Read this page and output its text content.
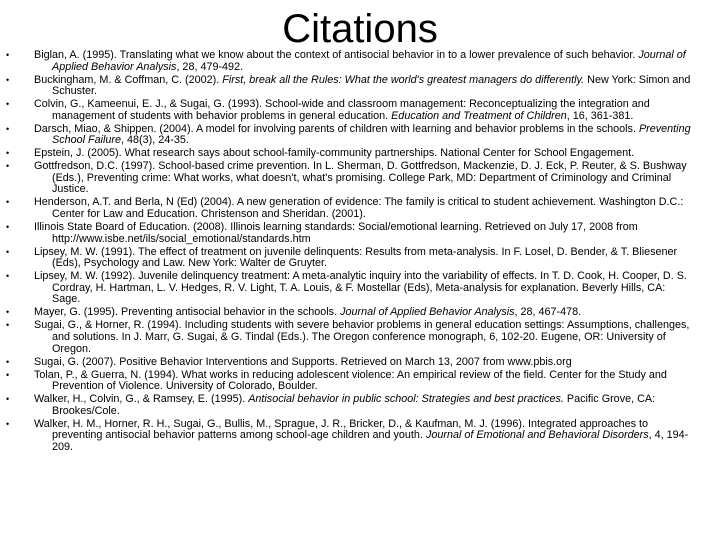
Citations
• Biglan, A. (1995). Translating what we know about the context of antisocial behavior in to a lower prevalence of such behavior. Journal of Applied Behavior Analysis, 28, 479-492.
• Buckingham, M. & Coffman, C. (2002). First, break all the Rules: What the world's greatest managers do differently. New York: Simon and Schuster.
• Colvin, G., Kameenui, E. J., & Sugai, G. (1993). School-wide and classroom management: Reconceptualizing the integration and management of students with behavior problems in general education. Education and Treatment of Children, 16, 361-381.
• Darsch, Miao, & Shippen. (2004). A model for involving parents of children with learning and behavior problems in the schools. Preventing School Failure, 48(3), 24-35.
• Epstein, J. (2005). What research says about school-family-community partnerships. National Center for School Engagement.
• Gottfredson, D.C. (1997). School-based crime prevention. In L. Sherman, D. Gottfredson, Mackenzie, D. J. Eck, P. Reuter, & S. Bushway (Eds.), Preventing crime: What works, what doesn't, what's promising. College Park, MD: Department of Criminology and Criminal Justice.
• Henderson, A.T. and Berla, N (Ed) (2004). A new generation of evidence: The family is critical to student achievement. Washington D.C.: Center for Law and Education. Christenson and Sheridan. (2001).
• Illinois State Board of Education. (2008). Illinois learning standards: Social/emotional learning. Retrieved on July 17, 2008 from http://www.isbe.net/ils/social_emotional/standards.htm
• Lipsey, M. W. (1991). The effect of treatment on juvenile delinquents: Results from meta-analysis. In F. Losel, D. Bender, & T. Bliesener (Eds), Psychology and Law. New York: Walter de Gruyter.
• Lipsey, M. W. (1992). Juvenile delinquency treatment: A meta-analytic inquiry into the variability of effects. In T. D. Cook, H. Cooper, D. S. Cordray, H. Hartman, L. V. Hedges, R. V. Light, T. A. Louis, & F. Mostellar (Eds), Meta-analysis for explanation. Beverly Hills, CA: Sage.
• Mayer, G. (1995). Preventing antisocial behavior in the schools. Journal of Applied Behavior Analysis, 28, 467-478.
• Sugai, G., & Horner, R. (1994). Including students with severe behavior problems in general education settings: Assumptions, challenges, and solutions. In J. Marr, G. Sugai, & G. Tindal (Eds.). The Oregon conference monograph, 6, 102-20. Eugene, OR: University of Oregon.
• Sugai, G. (2007). Positive Behavior Interventions and Supports. Retrieved on March 13, 2007 from www.pbis.org
• Tolan, P., & Guerra, N. (1994). What works in reducing adolescent violence: An empirical review of the field. Center for the Study and Prevention of Violence. University of Colorado, Boulder.
• Walker, H., Colvin, G., & Ramsey, E. (1995). Antisocial behavior in public school: Strategies and best practices. Pacific Grove, CA: Brookes/Cole.
• Walker, H. M., Horner, R. H., Sugai, G., Bullis, M., Sprague, J. R., Bricker, D., & Kaufman, M. J. (1996). Integrated approaches to preventing antisocial behavior patterns among school-age children and youth. Journal of Emotional and Behavioral Disorders, 4, 194-209.
